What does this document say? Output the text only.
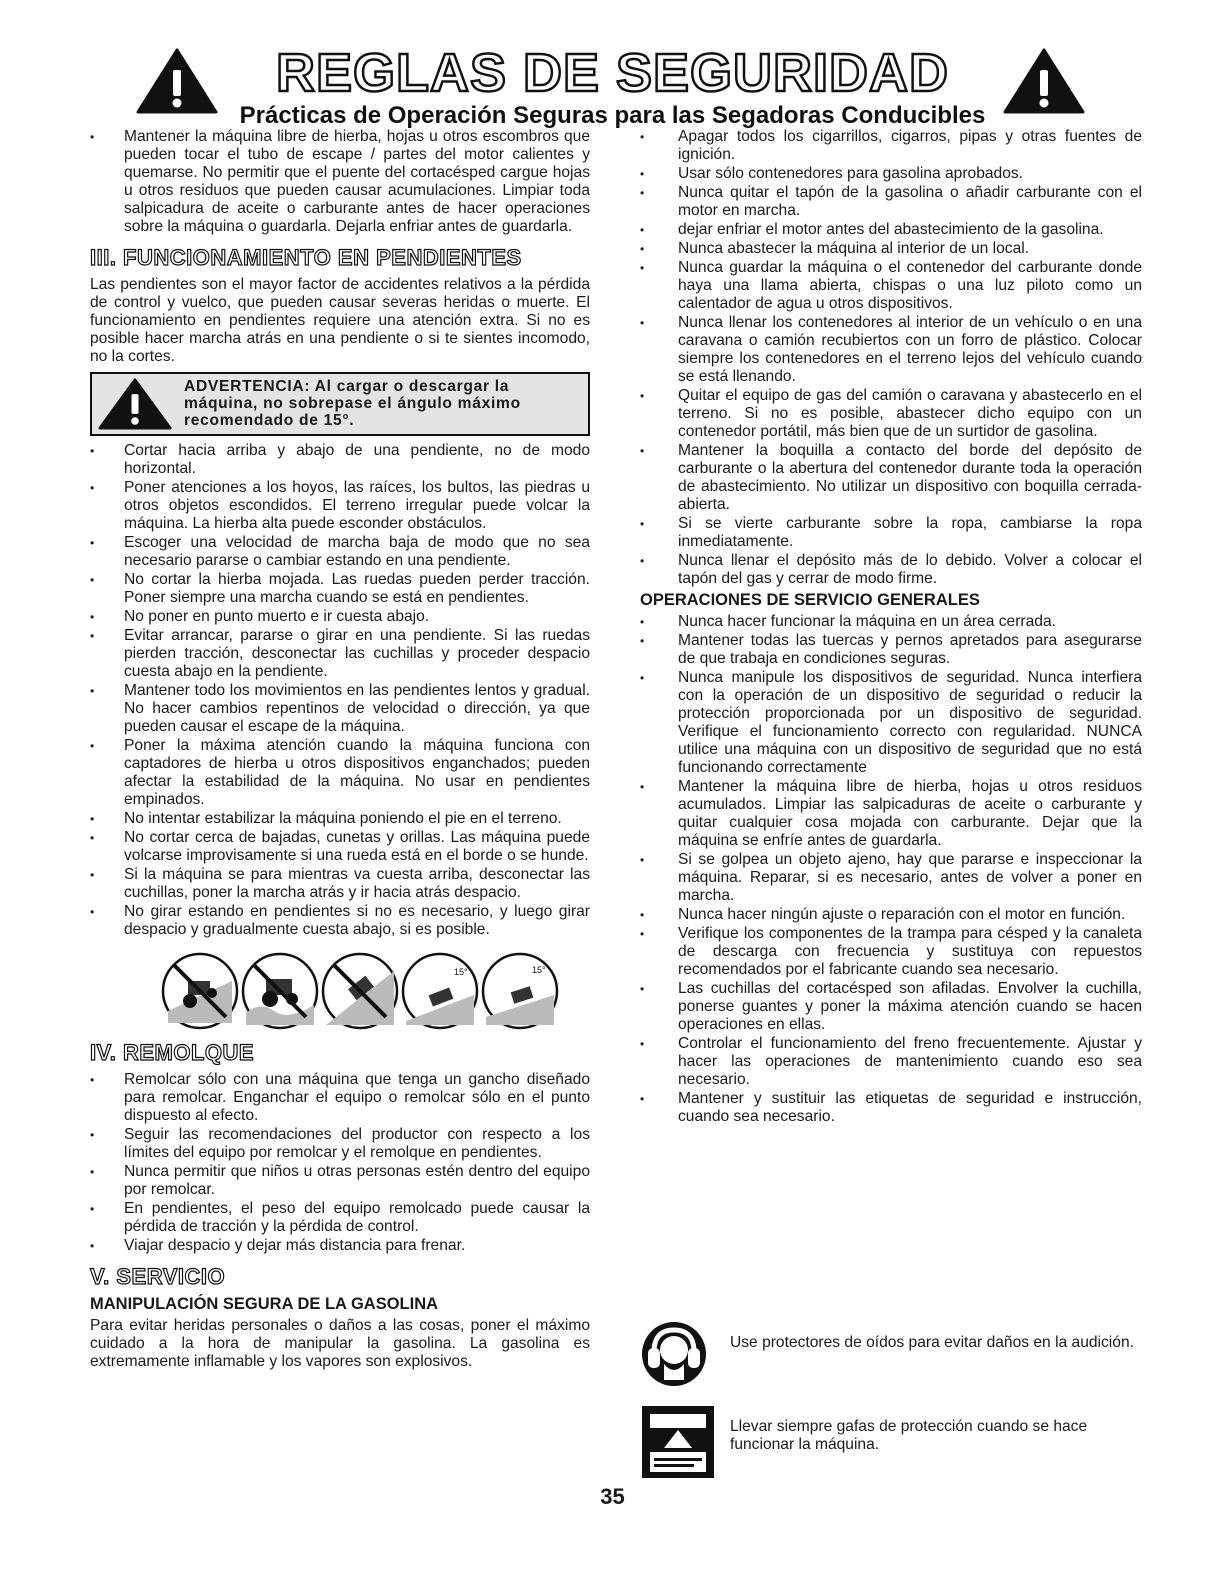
REGLAS DE SEGURIDAD
Prácticas de Operación Seguras para las Segadoras Conducibles
• Mantener la máquina libre de hierba, hojas u otros escombros que pueden tocar el tubo de escape / partes del motor calientes y quemarse. No permitir que el puente del cortacésped cargue hojas u otros residuos que pueden causar acumulaciones. Limpiar toda salpicadura de aceite o carburante antes de hacer operaciones sobre la máquina o guardarla. Dejarla enfriar antes de guardarla.
III. FUNCIONAMIENTO EN PENDIENTES

Las pendientes son el mayor factor de accidentes relativos a la pérdida de control y vuelco, que pueden causar severas heridas o muerte. El funcionamiento en pendientes requiere una atención extra. Si no es posible hacer marcha atrás en una pendiente o si te sientes incomodo, no la cortes.

ADVERTENCIA: Al cargar o descargar la máquina, no sobrepase el ángulo máximo recomendado de 15°.
• Cortar hacia arriba y abajo de una pendiente, no de modo horizontal.
• Poner atenciones a los hoyos, las raíces, los bultos, las piedras u otros objetos escondidos. El terreno irregular puede volcar la máquina. La hierba alta puede esconder obstáculos.
• Escoger una velocidad de marcha baja de modo que no sea necesario pararse o cambiar estando en una pendiente.
• No cortar la hierba mojada. Las ruedas pueden perder tracción. Poner siempre una marcha cuando se está en pendientes.
• No poner en punto muerto e ir cuesta abajo.
• Evitar arrancar, pararse o girar en una pendiente. Si las ruedas pierden tracción, desconectar las cuchillas y proceder despacio cuesta abajo en la pendiente.
• Mantener todo los movimientos en las pendientes lentos y gradual. No hacer cambios repentinos de velocidad o dirección, ya que pueden causar el escape de la máquina.
• Poner la máxima atención cuando la máquina funciona con captadores de hierba u otros dispositivos enganchados; pueden afectar la estabilidad de la máquina. No usar en pendientes empinados.
• No intentar estabilizar la máquina poniendo el pie en el terreno.
• No cortar cerca de bajadas, cunetas y orillas. Las máquina puede volcarse improvisamente si una rueda está en el borde o se hunde.
• Si la máquina se para mientras va cuesta arriba, desconectar las cuchillas, poner la marcha atrás y ir hacia atrás despacio.
• No girar estando en pendientes si no es necesario, y luego girar despacio y gradualmente cuesta abajo, si es posible.
15°	15°
IV. REMOLQUE
• Remolcar sólo con una máquina que tenga un gancho diseñado para remolcar. Enganchar el equipo o remolcar sólo en el punto dispuesto al efecto.
• Seguir las recomendaciones del productor con respecto a los límites del equipo por remolcar y el remolque en pendientes.
• Nunca permitir que niños u otras personas estén dentro del equipo por remolcar.
• En pendientes, el peso del equipo remolcado puede causar la pérdida de tracción y la pérdida de control.
• Viajar despacio y dejar más distancia para frenar.
V. SERVICIO
MANIPULACIÓN SEGURA DE LA GASOLINA

Para evitar heridas personales o daños a las cosas, poner el máximo cuidado a la hora de manipular la gasolina. La gasolina es extremamente inflamable y los vapores son explosivos.

• Apagar todos los cigarrillos, cigarros, pipas y otras fuentes de ignición.
• Usar sólo contenedores para gasolina aprobados.
• Nunca quitar el tapón de la gasolina o añadir carburante con el motor en marcha.
• dejar enfriar el motor antes del abastecimiento de la gasolina.
• Nunca abastecer la máquina al interior de un local.
• Nunca guardar la máquina o el contenedor del carburante donde haya una llama abierta, chispas o una luz piloto como un calentador de agua u otros dispositivos.
• Nunca llenar los contenedores al interior de un vehículo o en una caravana o camión recubiertos con un forro de plástico. Colocar siempre los contenedores en el terreno lejos del vehículo cuando se está llenando.
• Quitar el equipo de gas del camión o caravana y abastecerlo en el terreno. Si no es posible, abastecer dicho equipo con un contenedor portátil, más bien que de un surtidor de gasolina.
• Mantener la boquilla a contacto del borde del depósito de carburante o la abertura del contenedor durante toda la operación de abastecimiento. No utilizar un dispositivo con boquilla cerrada-abierta.
• Si se vierte carburante sobre la ropa, cambiarse la ropa inmediatamente.
• Nunca llenar el depósito más de lo debido. Volver a colocar el tapón del gas y cerrar de modo firme.
OPERACIONES DE SERVICIO GENERALES
• Nunca hacer funcionar la máquina en un área cerrada.
• Mantener todas las tuercas y pernos apretados para asegurarse de que trabaja en condiciones seguras.
• Nunca manipule los dispositivos de seguridad. Nunca interfiera con la operación de un dispositivo de seguridad o reducir la protección proporcionada por un dispositivo de seguridad. Verifique el funcionamiento correcto con regularidad. NUNCA utilice una máquina con un dispositivo de seguridad que no está funcionando correctamente
• Mantener la máquina libre de hierba, hojas u otros residuos acumulados. Limpiar las salpicaduras de aceite o carburante y quitar cualquier cosa mojada con carburante. Dejar que la máquina se enfríe antes de guardarla.
• Si se golpea un objeto ajeno, hay que pararse e inspeccionar la máquina. Reparar, si es necesario, antes de volver a poner en marcha.
• Nunca hacer ningún ajuste o reparación con el motor en función.
• Verifique los componentes de la trampa para césped y la canaleta de descarga con frecuencia y sustituya con repuestos recomendados por el fabricante cuando sea necesario.
• Las cuchillas del cortacésped son afiladas. Envolver la cuchilla, ponerse guantes y poner la máxima atención cuando se hacen operaciones en ellas.
• Controlar el funcionamiento del freno frecuentemente. Ajustar y hacer las operaciones de mantenimiento cuando eso sea necesario.
• Mantener y sustituir las etiquetas de seguridad e instrucción, cuando sea necesario.
Use protectores de oídos para evitar daños en la audición.
Llevar siempre gafas de protección cuando se hace funcionar la máquina.
35
